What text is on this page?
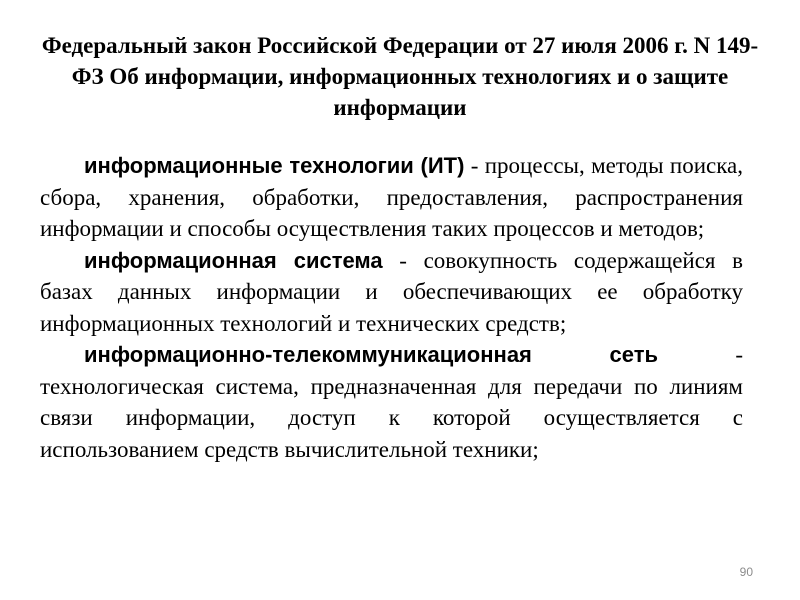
Федеральный закон Российской Федерации от 27 июля 2006 г. N 149-ФЗ Об информации, информационных технологиях и о защите информации

информационные технологии (ИТ) - процессы, методы поиска, сбора, хранения, обработки, предоставления, распространения информации и способы осуществления таких процессов и методов;

информационная система - совокупность содержащейся в базах данных информации и обеспечивающих ее обработку информационных технологий и технических средств;

информационно-телекоммуникационная сеть - технологическая система, предназначенная для передачи по линиям связи информации, доступ к которой осуществляется с использованием средств вычислительной техники;

90
